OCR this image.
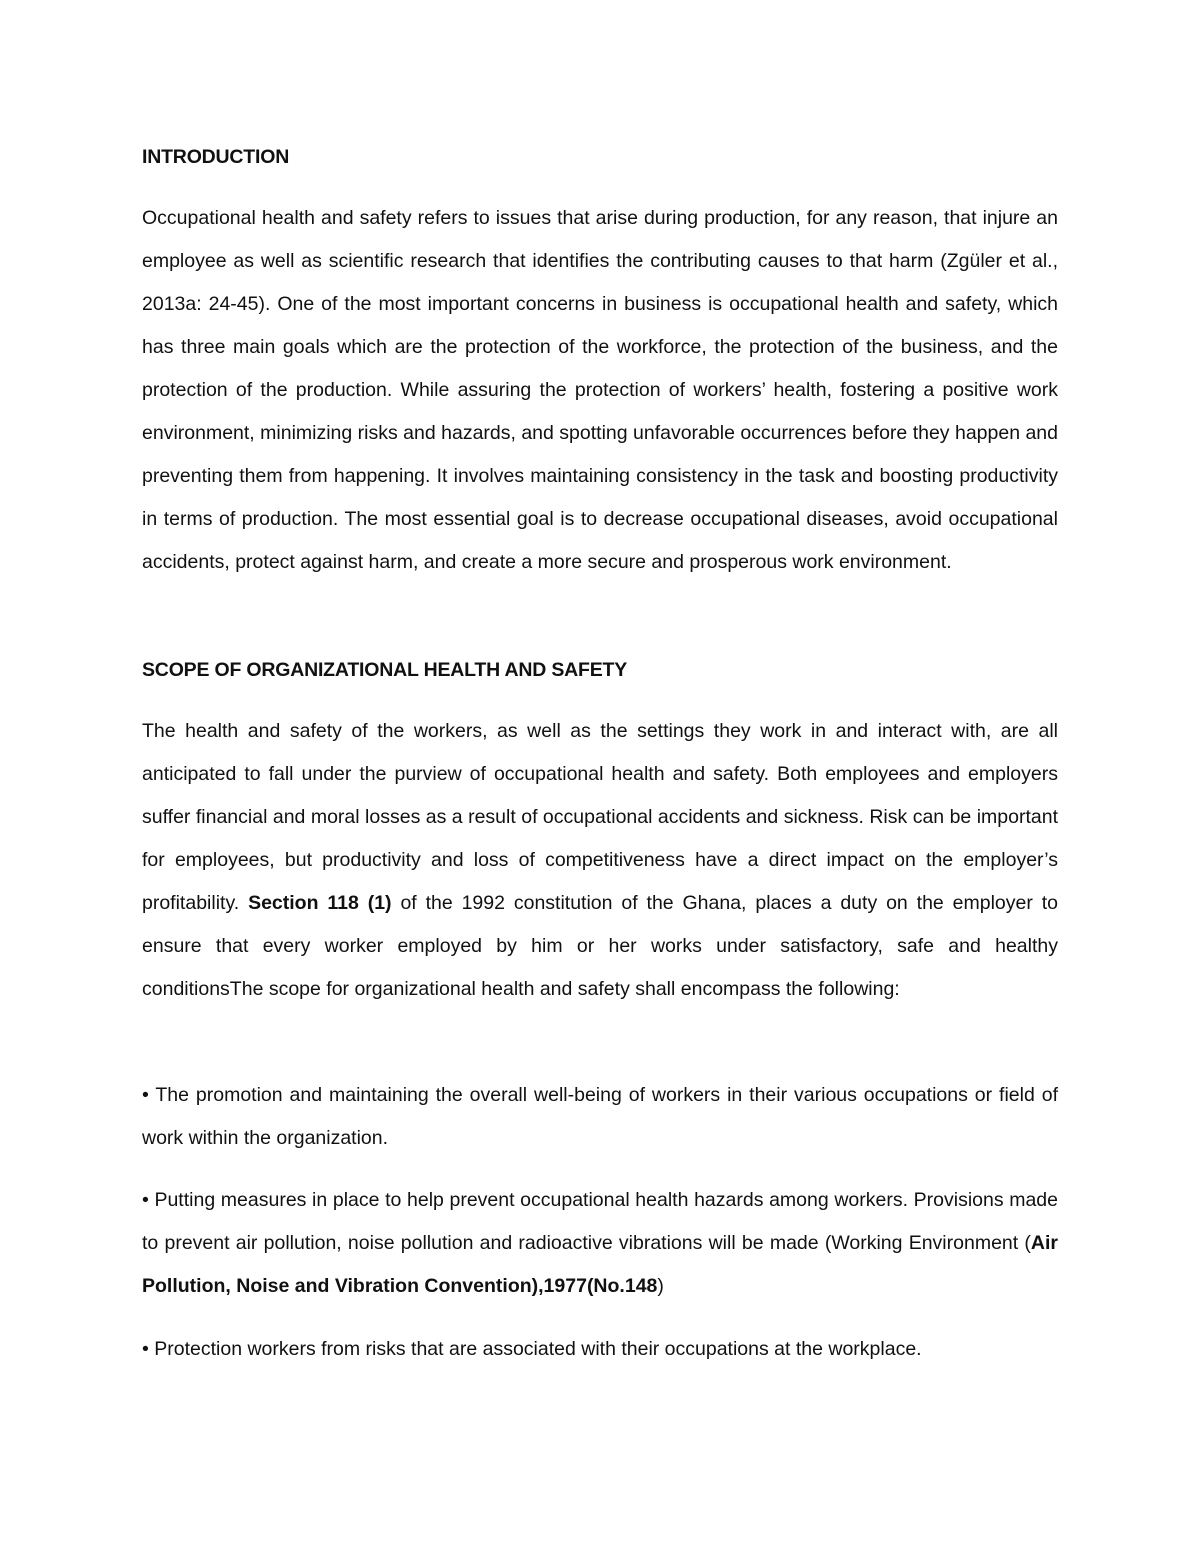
INTRODUCTION

Occupational health and safety refers to issues that arise during production, for any reason, that injure an employee as well as scientific research that identifies the contributing causes to that harm (Zgüler et al., 2013a: 24-45). One of the most important concerns in business is occupational health and safety, which has three main goals which are the protection of the workforce, the protection of the business, and the protection of the production. While assuring the protection of workers’ health, fostering a positive work environment, minimizing risks and hazards, and spotting unfavorable occurrences before they happen and preventing them from happening. It involves maintaining consistency in the task and boosting productivity in terms of production. The most essential goal is to decrease occupational diseases, avoid occupational accidents, protect against harm, and create a more secure and prosperous work environment.

SCOPE OF ORGANIZATIONAL HEALTH AND SAFETY

The health and safety of the workers, as well as the settings they work in and interact with, are all anticipated to fall under the purview of occupational health and safety. Both employees and employers suffer financial and moral losses as a result of occupational accidents and sickness. Risk can be important for employees, but productivity and loss of competitiveness have a direct impact on the employer’s profitability. Section 118 (1) of the 1992 constitution of the Ghana, places a duty on the employer to ensure that every worker employed by him or her works under satisfactory, safe and healthy conditionsThe scope for organizational health and safety shall encompass the following:

• The promotion and maintaining the overall well-being of workers in their various occupations or field of work within the organization.

• Putting measures in place to help prevent occupational health hazards among workers. Provisions made to prevent air pollution, noise pollution and radioactive vibrations will be made (Working Environment (Air Pollution, Noise and Vibration Convention),1977(No.148)

• Protection workers from risks that are associated with their occupations at the workplace.
